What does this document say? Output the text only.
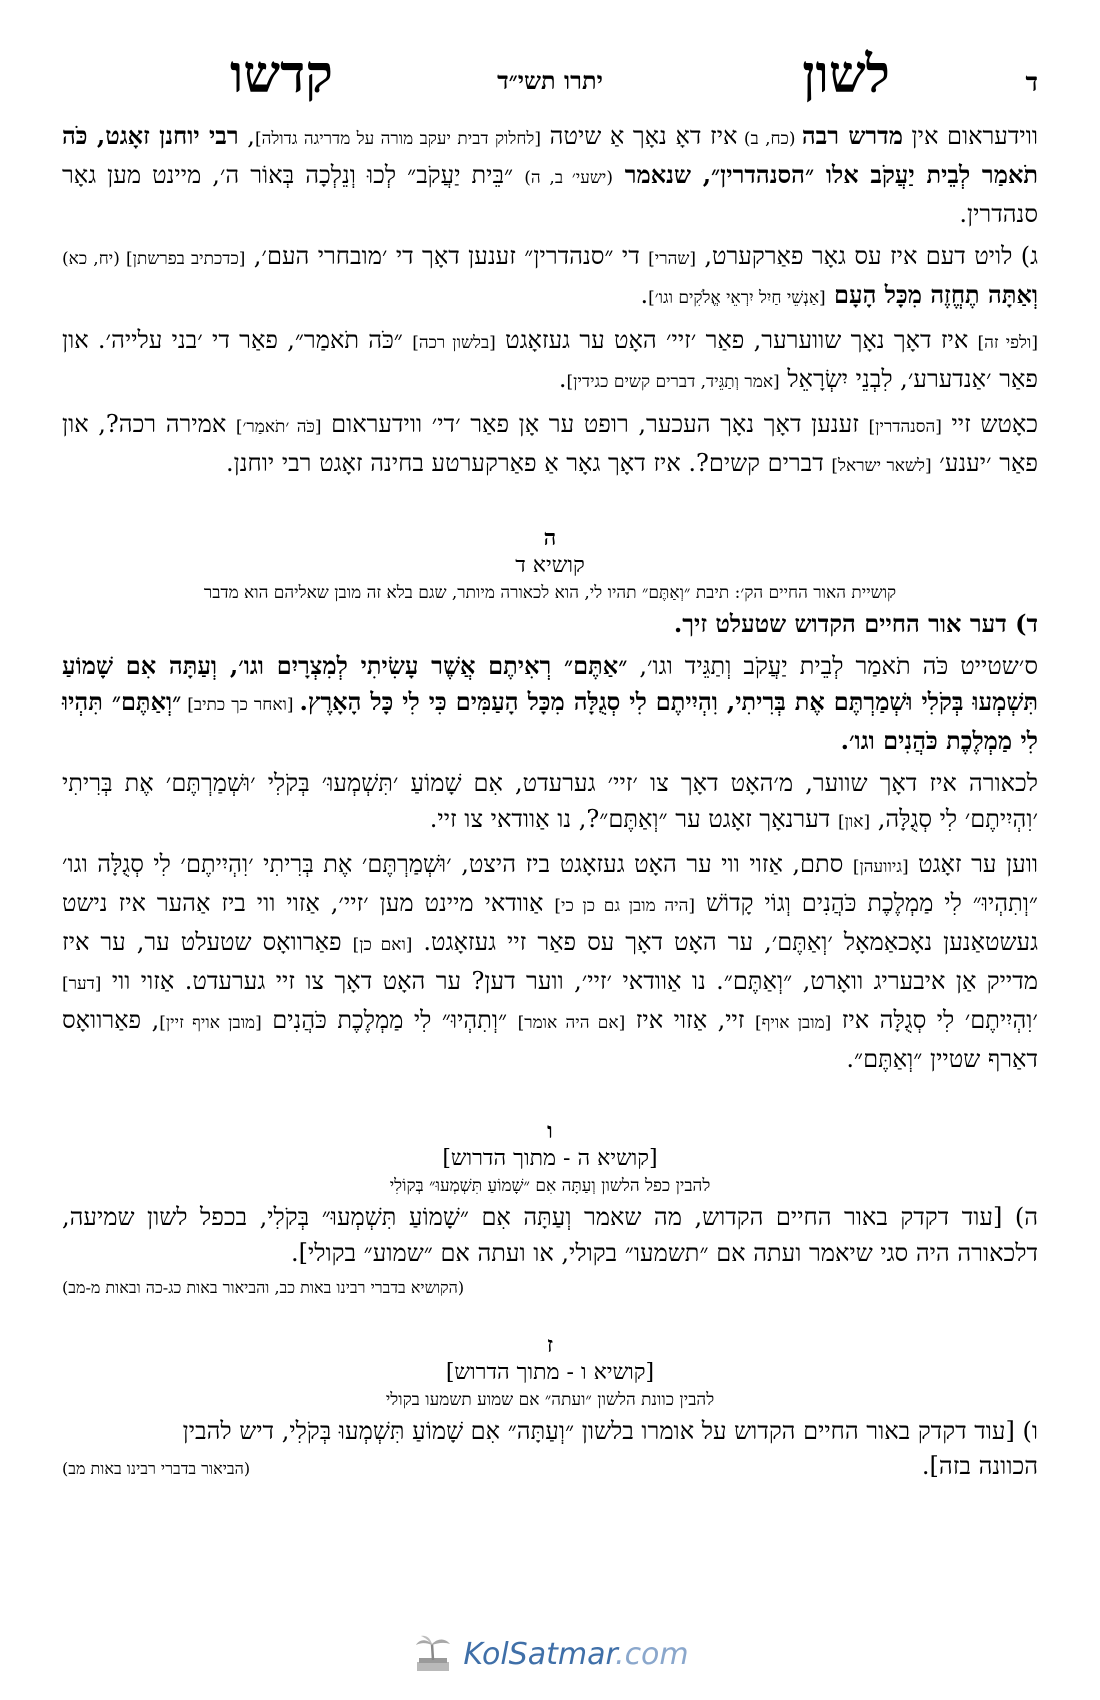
ד
לשון
יתרו תשי״ד
קדשו

ווידעראום אין מדרש רבה (כח, ב) איז דאָ נאָך אַ שיטה [לחלוק דבית יעקב מורה על מדריגה גדולה], רבי יוחנן זאָגט, כֹּה תֹאמַר לְבֵית יַעֲקֹב אלו ״הסנהדרין״, שנאמר (ישעי׳ ב, ה) ״בֵּית יַעֲקֹב״ לְכוּ וְנֵלְכָה בְּאוֹר ה׳, מיינט מען גאָר סנהדרין.

ג) לויט דעם איז עס גאָר פאַרקערט, [שהרי] די ״סנהדרין״ זענען דאָך די ׳מובחרי העם׳, [כדכתיב בפרשתן] (יח, כא) וְאַתָּה תֶחֱזֶה מִכָּל הָעָם [אַנְשֵׁי חַיִל יִרְאֵי אֱלֹקִים וגו׳].

[ולפי זה] איז דאָך נאָך שווערער, פאַר ׳זיי׳ האָט ער געזאָגט [בלשון רכה] ״כֹּה תֹאמַר״, פאַר די ׳בני עלייה׳. און פאַר ׳אַנדערע׳, לִבְנֵי יִשְׂרָאֵל [אמר וְתַגֵּיד, דברים קשים כגידין].

כאָטש זיי [הסנהדרין] זענען דאָך נאָך העכער, רופט ער אָן פאַר ׳די׳ ווידעראום [כֹּה ׳תֹאמַר׳] אמירה רכה?, און פאַר ׳יענע׳ [לשאר ישראל] דברים קשים?. איז דאָך גאָר אַ פאַרקערטע בחינה זאָגט רבי יוחנן.

ה

קושיא ד

קושיית האור החיים הק׳: תיבת ״וְאַתֶּם״ תהיו לי, הוא לכאורה מיותר, שגם בלא זה מובן שאליהם הוא מדבר

ד) דער אור החיים הקדוש שטעלט זיך.

ס׳שטייט כֹּה תֹאמַר לְבֵית יַעֲקֹב וְתַגֵּיד וגו׳, ״אַתֶּם״ רְאִיתֶם אֲשֶׁר עָשִׂיתִי לְמִצְרָיִם וגו׳, וְעַתָּה אִם שָׁמוֹעַ תִּשְׁמְעוּ בְּקֹלִי וּשְׁמַרְתֶּם אֶת בְּרִיתִי, וִהְיִיתֶם לִי סְגֻלָּה מִכָּל הָעַמִּים כִּי לִי כָּל הָאָרֶץ. [ואחר כך כתיב] ״וְאַתֶּם״ תִּהְיוּ לִי מַמְלֶכֶת כֹּהֲנִים וגו׳.

לכאורה איז דאָך שווער, מ׳האָט דאָך צו ׳זיי׳ גערעדט, אִם שָׁמוֹעַ ׳תִּשְׁמְעוּ׳ בְּקֹלִי ׳וּשְׁמַרְתֶּם׳ אֶת בְּרִיתִי ׳וִהְיִיתֶם׳ לִי סְגֻלָּה, [און] דערנאָך זאָגט ער ״וְאַתֶּם״?, נו אַוודאי צו זיי.

ווען ער זאָגט [גיוועהן] סתם, אַזוי ווי ער האָט געזאָגט ביז היצט, ׳וּשְׁמַרְתֶּם׳ אֶת בְּרִיתִי ׳וִהְיִיתֶם׳ לִי סְגֻלָּה וגו׳ ״וְתִהְיוּ״ לִי מַמְלֶכֶת כֹּהֲנִים וְגוֹי קָדוֹשׁ [היה מובן גם כן כי] אַוודאי מיינט מען ׳זיי׳, אַזוי ווי ביז אַהער איז נישט געשטאַנען נאָכאַמאָל ׳וְאַתֶּם׳, ער האָט דאָך עס פאַר זיי געזאָגט. [ואם כן] פאַרוואָס שטעלט ער, ער איז מדייק אַן איבעריג וואָרט, ״וְאַתֶּם״. נו אַוודאי ׳זיי׳, ווער דען? ער האָט דאָך צו זיי גערעדט. אַזוי ווי [דער] ׳וִהְיִיתֶם׳ לִי סְגֻלָּה איז [מובן אויף] זיי, אַזוי איז [אם היה אומר] ״וְתִהְיוּ״ לִי מַמְלֶכֶת כֹּהֲנִים [מובן אויף זיין], פאַרוואָס דאַרף שטיין ״וְאַתֶּם״.

ו

[קושיא ה - מתוך הדרוש]

להבין כפל הלשון וְעַתָּה אִם ״שָׁמוֹעַ תִּשְׁמְעוּ״ בְּקוֹלִי

ה) [עוד דקדק באור החיים הקדוש, מה שאמר וְעַתָּה אִם ״שָׁמוֹעַ תִּשְׁמְעוּ״ בְּקֹלִי, בכפל לשון שמיעה, דלכאורה היה סגי שיאמר ועתה אם ״תשמעו״ בקולי, או ועתה אם ״שמוע״ בקולי].

(הקושיא בדברי רבינו באות כב, והביאור באות כג-כה ובאות מ-מב)

ז

[קושיא ו - מתוך הדרוש]

להבין כוונת הלשון ״ועתה״ אם שמוע תשמעו בקולי

ו) [עוד דקדק באור החיים הקדוש על אומרו בלשון ״וְעַתָּה״ אִם שָׁמוֹעַ תִּשְׁמְעוּ בְּקֹלִי, דיש להבין

הכוונה בזה].
(הביאור בדברי רבינו באות מב)
KolSatmar.com
